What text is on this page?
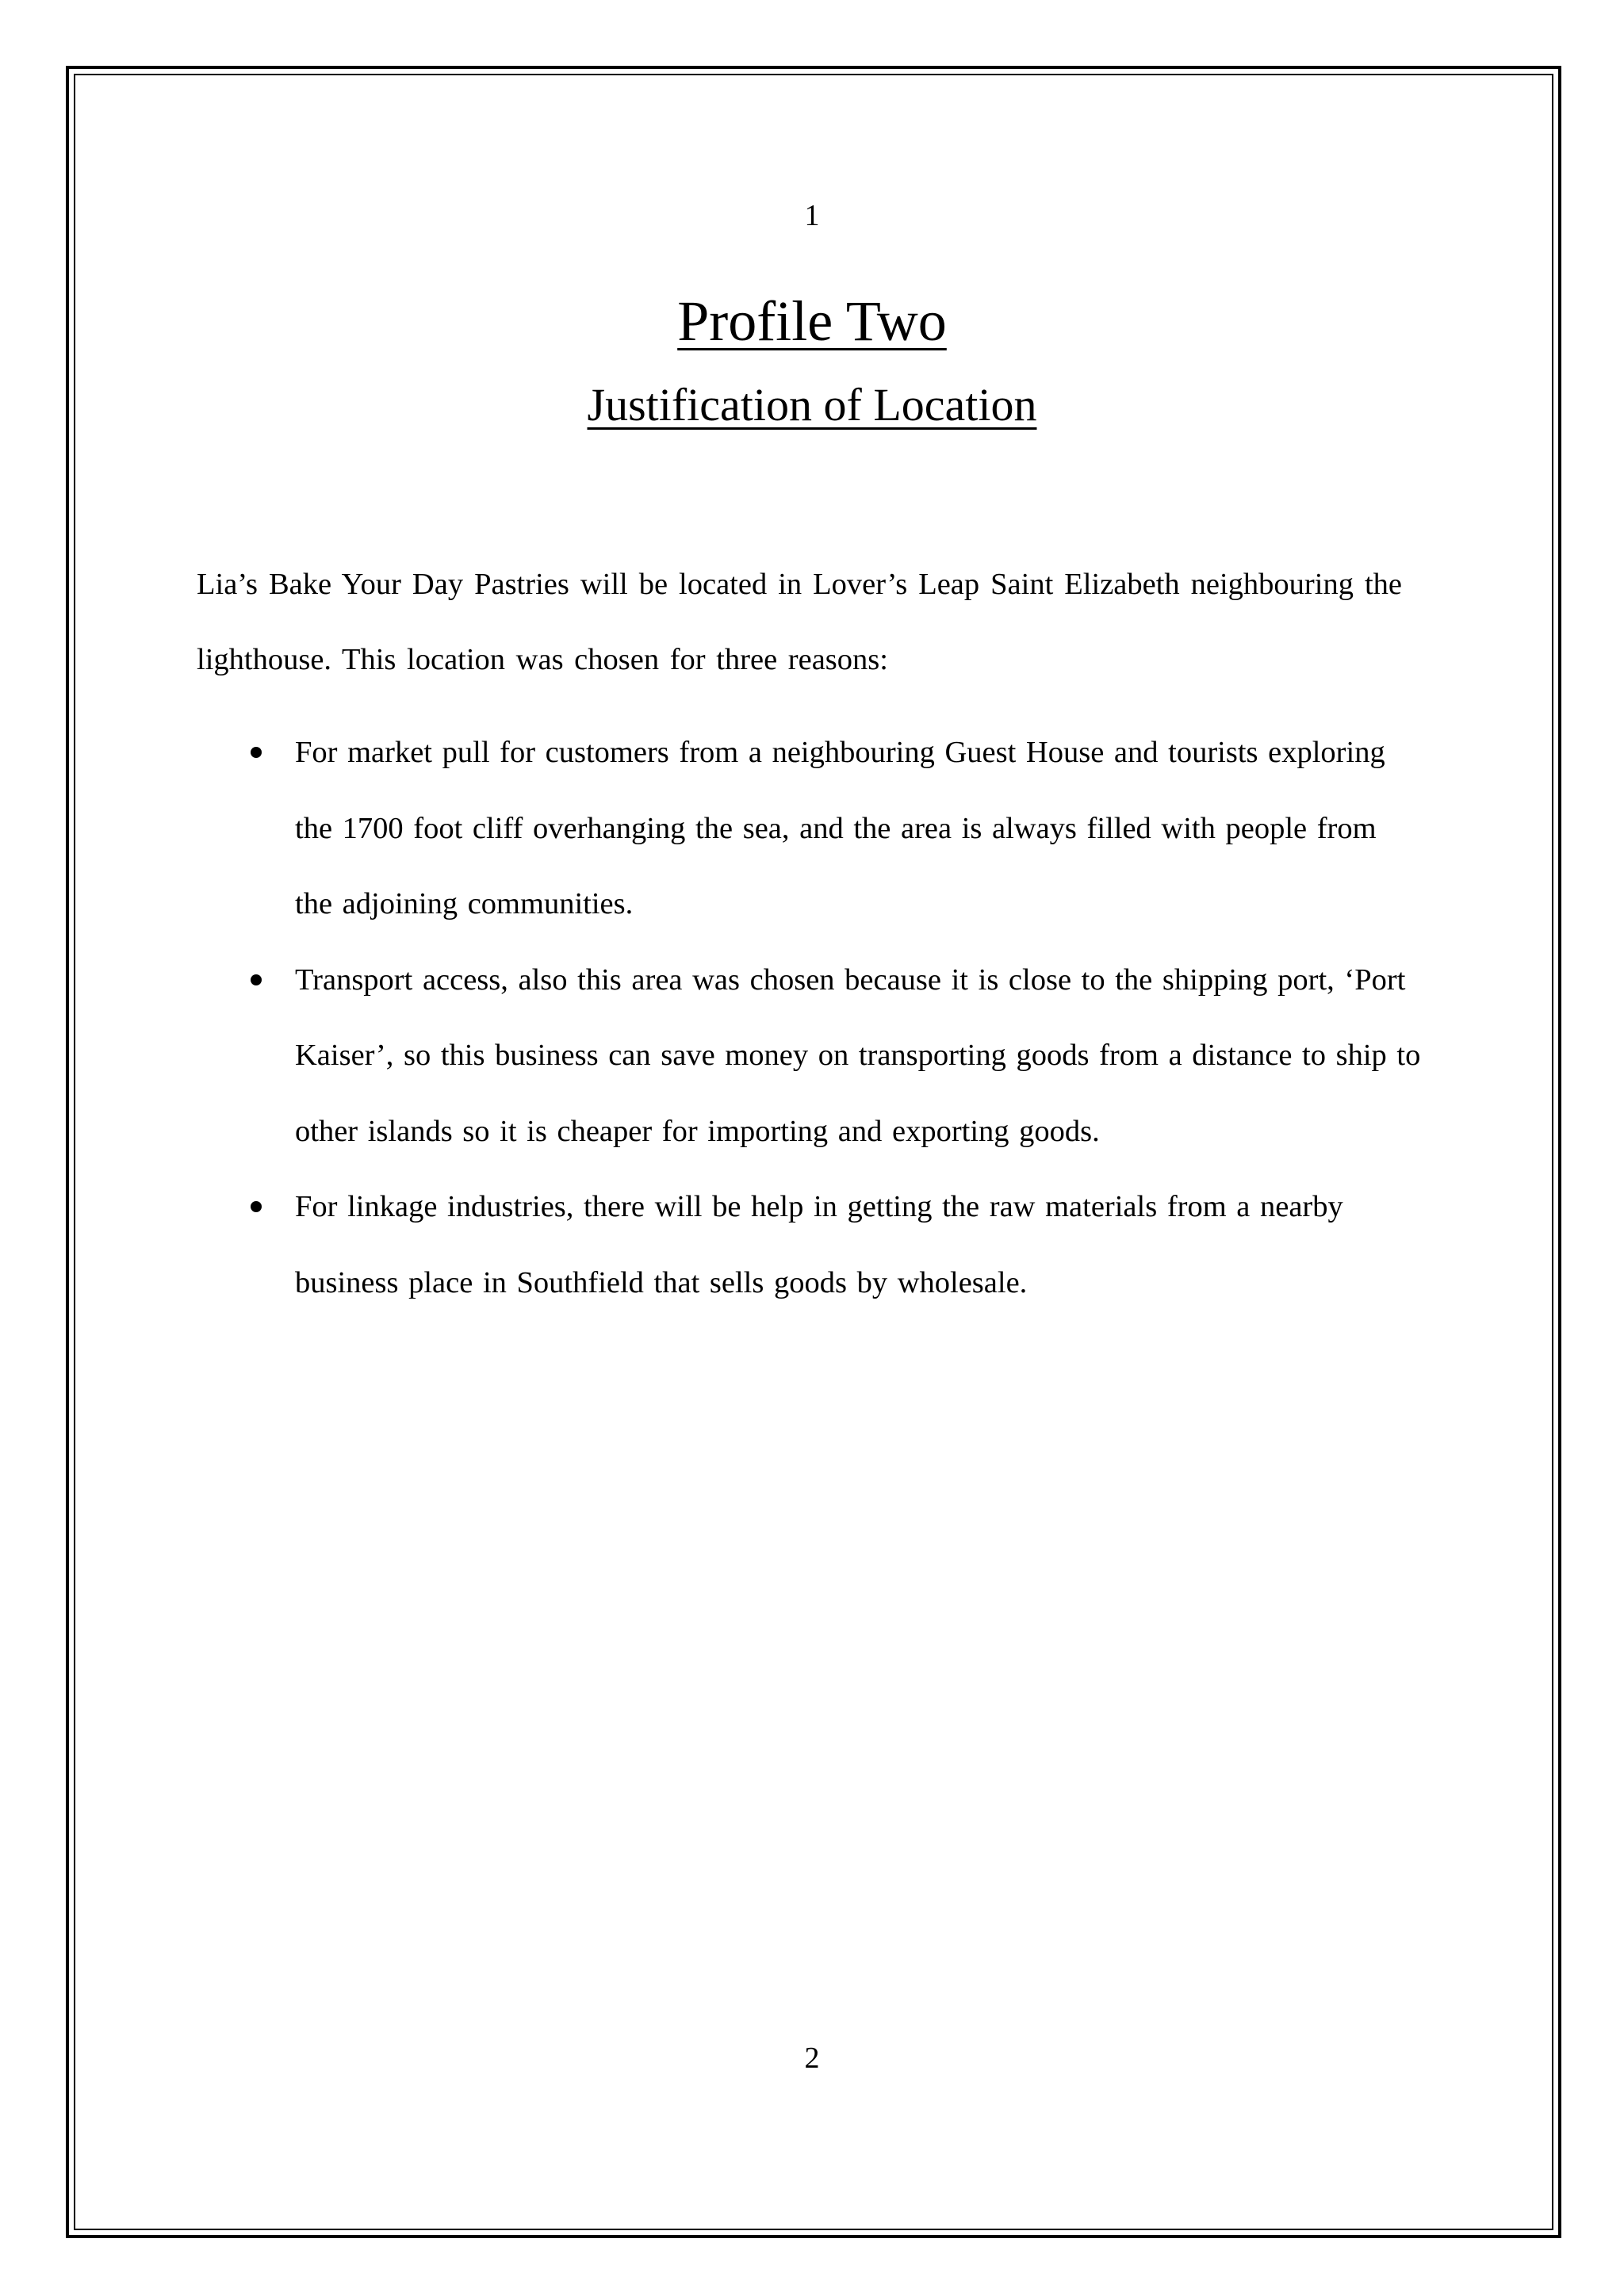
1
Profile Two
Justification of Location

Lia’s Bake Your Day Pastries will be located in Lover’s Leap Saint Elizabeth neighbouring the lighthouse. This location was chosen for three reasons:

For market pull for customers from a neighbouring Guest House and tourists exploring the 1700 foot cliff overhanging the sea, and the area is always filled with people from the adjoining communities.
Transport access, also this area was chosen because it is close to the shipping port, ‘Port Kaiser’, so this business can save money on transporting goods from a distance to ship to other islands so it is cheaper for importing and exporting goods.
For linkage industries, there will be help in getting the raw materials from a nearby business place in Southfield that sells goods by wholesale.
2
